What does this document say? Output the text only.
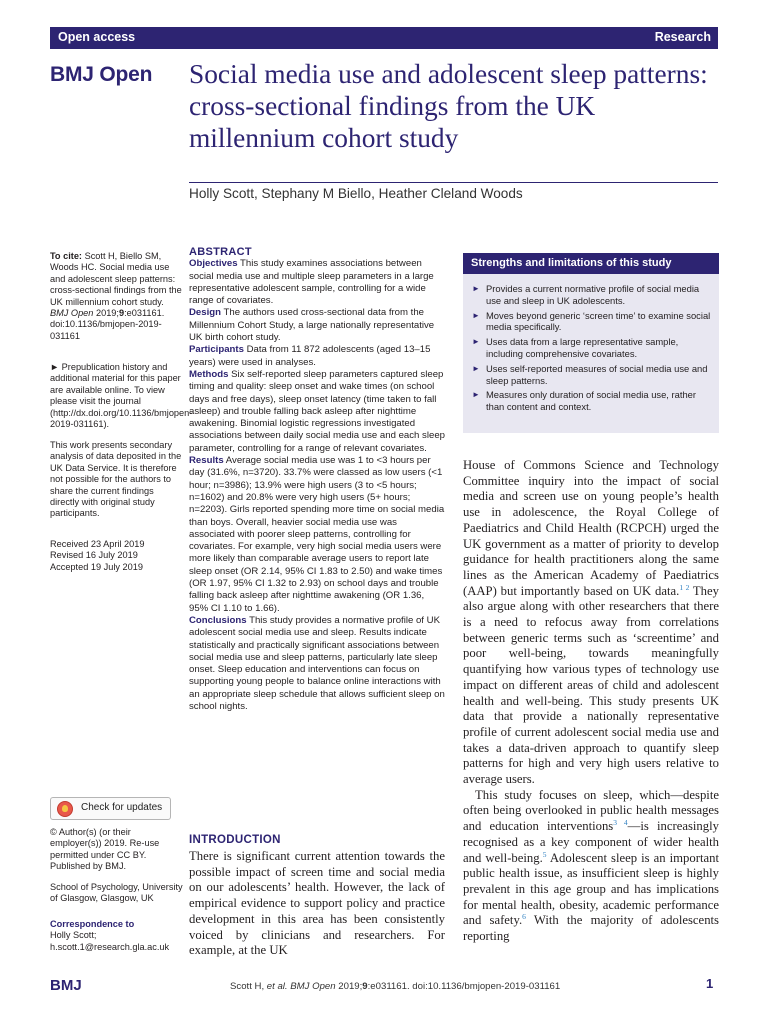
Open access	Research
BMJ Open Social media use and adolescent sleep patterns: cross-sectional findings from the UK millennium cohort study
Holly Scott, Stephany M Biello, Heather Cleland Woods

To cite: Scott H, Biello SM, Woods HC. Social media use and adolescent sleep patterns: cross-sectional findings from the UK millennium cohort study. BMJ Open 2019;9:e031161. doi:10.1136/bmjopen-2019-031161

► Prepublication history and additional material for this paper are available online. To view please visit the journal (http://dx.doi.org/10.1136/bmjopen-2019-031161).

This work presents secondary analysis of data deposited in the UK Data Service. It is therefore not possible for the authors to share the current findings directly with original study participants.

Received 23 April 2019

Revised 16 July 2019

Accepted 19 July 2019

Check for updates

© Author(s) (or their employer(s)) 2019. Re-use permitted under CC BY. Published by BMJ.

School of Psychology, University of Glasgow, Glasgow, UK

Correspondence to

Holly Scott;

h.scott.1@research.gla.ac.uk

ABSTRACT

Objectives This study examines associations between social media use and multiple sleep parameters in a large representative adolescent sample, controlling for a wide range of covariates.

Design The authors used cross-sectional data from the Millennium Cohort Study, a large nationally representative UK birth cohort study.

Participants Data from 11 872 adolescents (aged 13–15 years) were used in analyses.

Methods Six self-reported sleep parameters captured sleep timing and quality: sleep onset and wake times (on school days and free days), sleep onset latency (time taken to fall asleep) and trouble falling back asleep after nighttime awakening. Binomial logistic regressions investigated associations between daily social media use and each sleep parameter, controlling for a range of relevant covariates.

Results Average social media use was 1 to <3 hours per day (31.6%, n=3720). 33.7% were classed as low users (<1 hour; n=3986); 13.9% were high users (3 to <5 hours; n=1602) and 20.8% were very high users (5+ hours; n=2203). Girls reported spending more time on social media than boys. Overall, heavier social media use was associated with poorer sleep patterns, controlling for covariates. For example, very high social media users were more likely than comparable average users to report late sleep onset (OR 2.14, 95% CI 1.83 to 2.50) and wake times (OR 1.97, 95% CI 1.32 to 2.93) on school days and trouble falling back asleep after nighttime awakening (OR 1.36, 95% CI 1.10 to 1.66).

Conclusions This study provides a normative profile of UK adolescent social media use and sleep. Results indicate statistically and practically significant associations between social media use and sleep patterns, particularly late sleep onset. Sleep education and interventions can focus on supporting young people to balance online interactions with an appropriate sleep schedule that allows sufficient sleep on school nights.

Strengths and limitations of this study
► Provides a current normative profile of social media use and sleep in UK adolescents.
► Moves beyond generic ‘screen time’ to examine social media specifically.
► Uses data from a large representative sample, including comprehensive covariates.
► Uses self-reported measures of social media use and sleep patterns.
► Measures only duration of social media use, rather than content and context.
INTRODUCTION
There is significant current attention towards the possible impact of screen time and social media on our adolescents’ health. However, the lack of empirical evidence to support policy and practice development in this area has been consistently voiced by clinicians and researchers. For example, at the UK

House of Commons Science and Technology Committee inquiry into the impact of social media and screen use on young people’s health use in adolescence, the Royal College of Paediatrics and Child Health (RCPCH) urged the UK government as a matter of priority to develop guidance for health practitioners along the same lines as the American Academy of Paediatrics (AAP) but importantly based on UK data.$^{1 2}$ They also argue along with other researchers that there is a need to refocus away from correlations between generic terms such as ‘screentime’ and poor well-being, towards meaningfully quantifying how various types of technology use impact on different areas of child and adolescent health and well-being. This study presents UK data that provide a nationally representative profile of current adolescent social media use and takes a data-driven approach to quantify sleep patterns for high and very high users relative to average users.

This study focuses on sleep, which—despite often being overlooked in public health messages and education interventions$^{3 4}$—is increasingly recognised as a key component of wider health and well-being.$^5$ Adolescent sleep is an important public health issue, as insufficient sleep is highly prevalent in this age group and has implications for mental health, obesity, academic performance and safety.$^6$ With the majority of adolescents reporting

BMJ	Scott H, et al. BMJ Open 2019;9:e031161. doi:10.1136/bmjopen-2019-031161	1
